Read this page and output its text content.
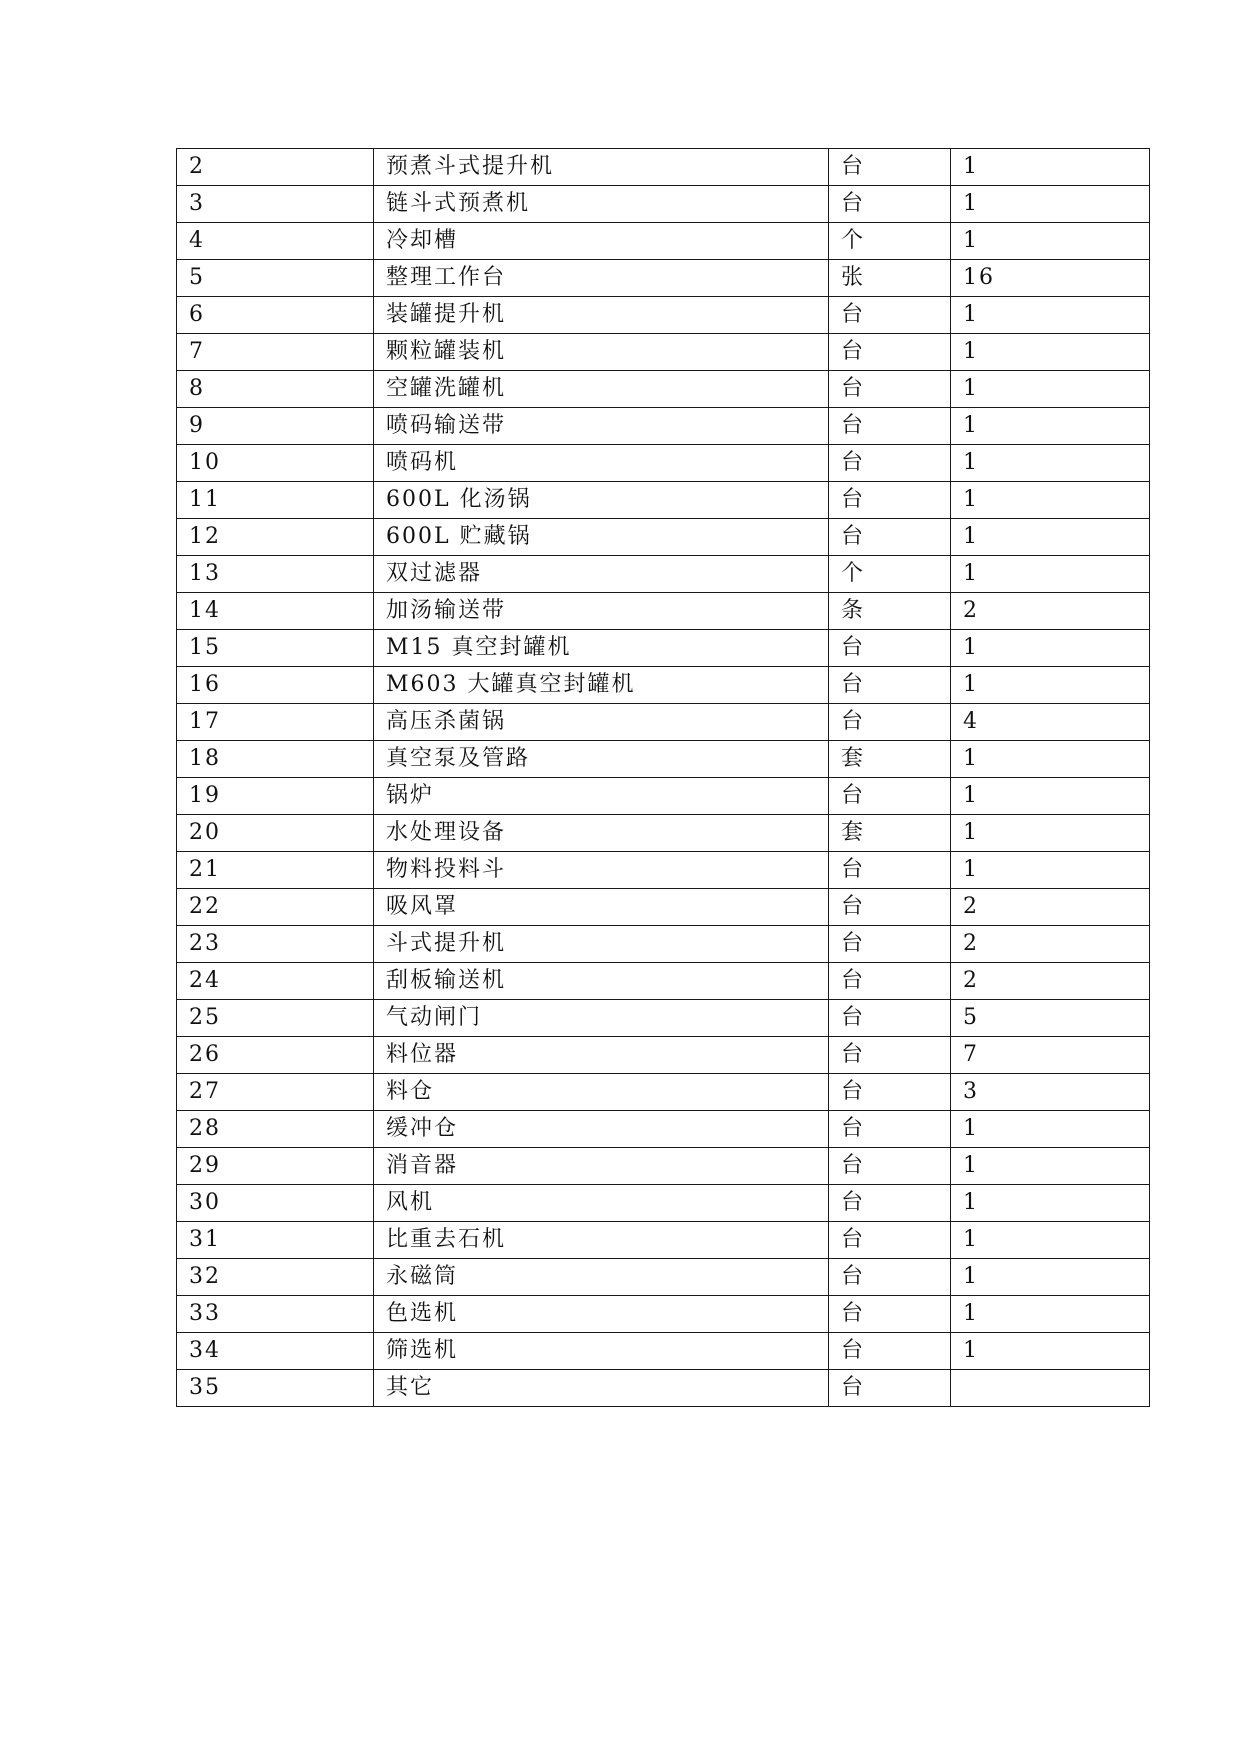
2	预煮斗式提升机	台	1
3	链斗式预煮机	台	1
4	冷却槽	个	1
5	整理工作台	张	16
6	装罐提升机	台	1
7	颗粒罐装机	台	1
8	空罐洗罐机	台	1
9	喷码输送带	台	1
10	喷码机	台	1
11	600L 化汤锅	台	1
12	600L 贮藏锅	台	1
13	双过滤器	个	1
14	加汤输送带	条	2
15	M15 真空封罐机	台	1
16	M603 大罐真空封罐机	台	1
17	高压杀菌锅	台	4
18	真空泵及管路	套	1
19	锅炉	台	1
20	水处理设备	套	1
21	物料投料斗	台	1
22	吸风罩	台	2
23	斗式提升机	台	2
24	刮板输送机	台	2
25	气动闸门	台	5
26	料位器	台	7
27	料仓	台	3
28	缓冲仓	台	1
29	消音器	台	1
30	风机	台	1
31	比重去石机	台	1
32	永磁筒	台	1
33	色选机	台	1
34	筛选机	台	1
35	其它	台	
